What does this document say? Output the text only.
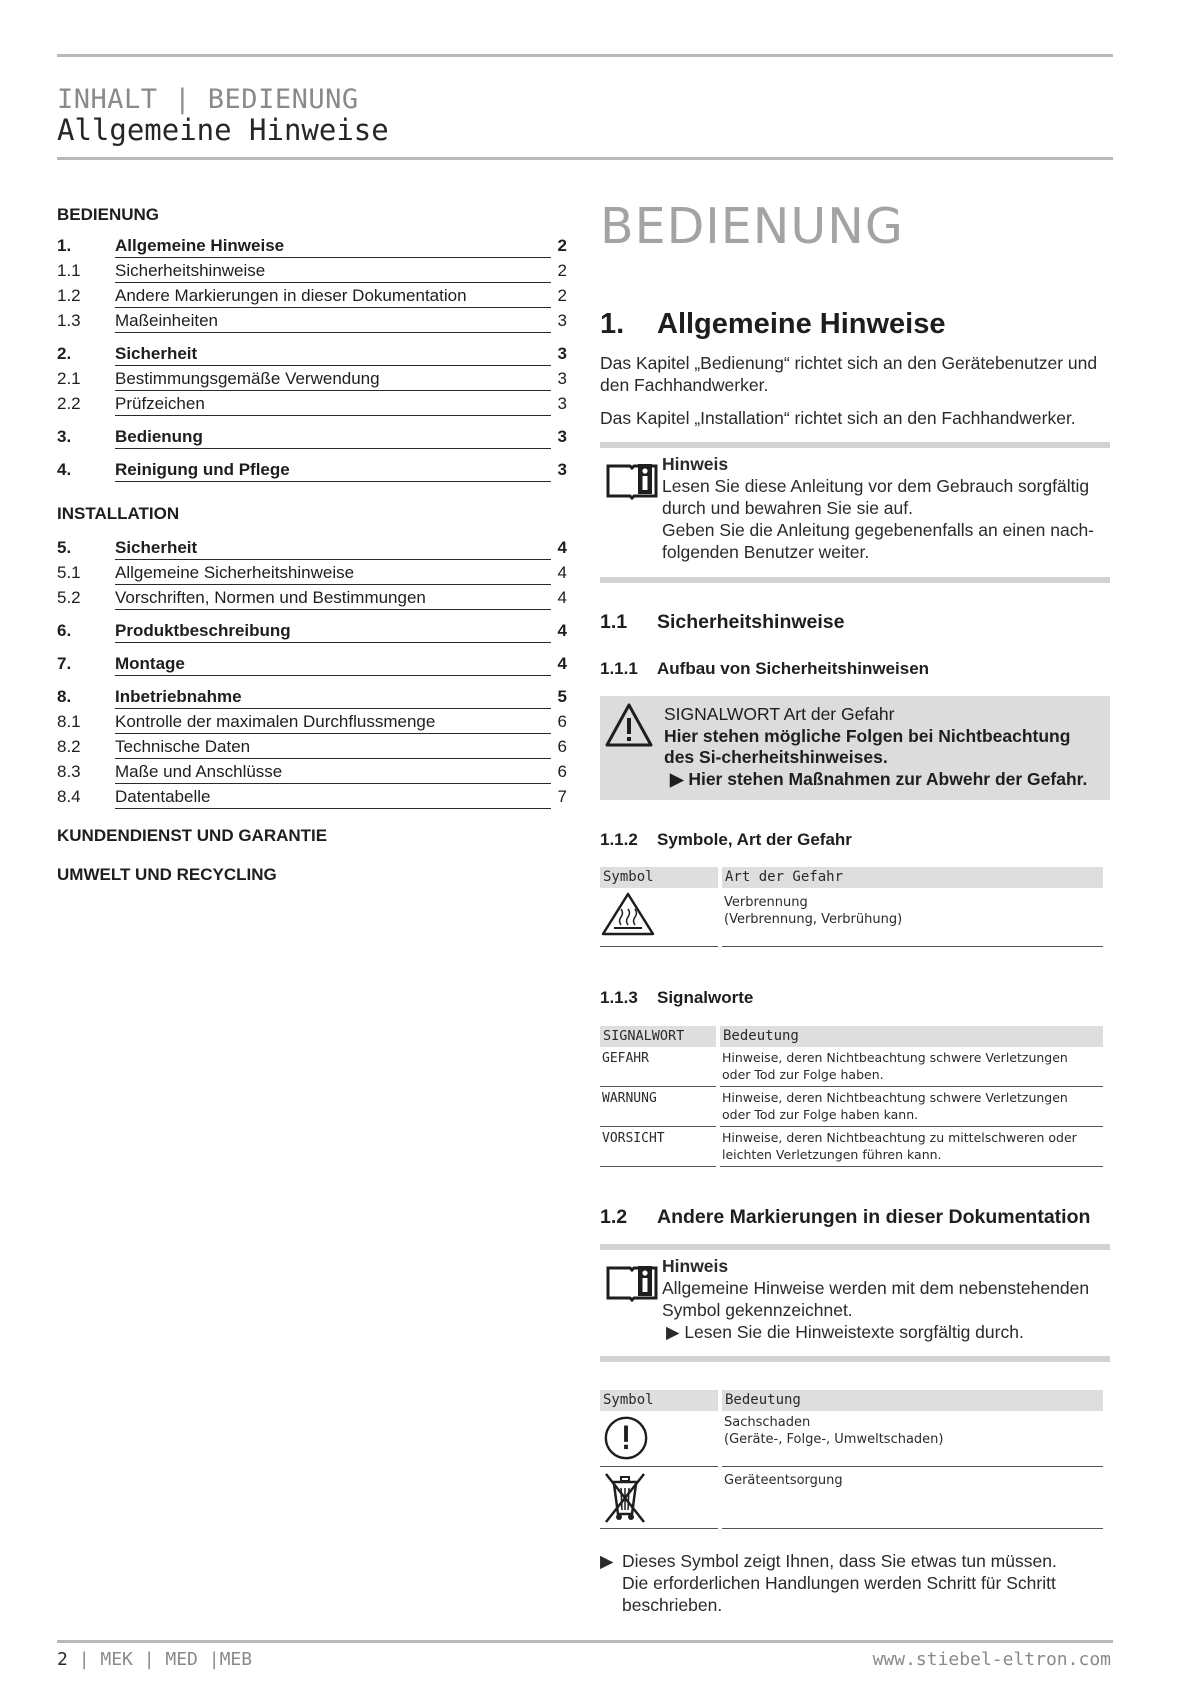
INHALT | BEDIENUNG
Allgemeine Hinweise
BEDIENUNG
1.	Allgemeine Hinweise	2
1.1 Sicherheitshinweise	2
1.2 Andere Markierungen in dieser Dokumentation	2
1.3 Maßeinheiten	3
2.	Sicherheit	3
2.1 Bestimmungsgemäße Verwendung	3
2.2 Prüfzeichen	3
3.	Bedienung	3
4.	Reinigung und Pflege	3
5.	Sicherheit	4
5.1 Allgemeine Sicherheitshinweise	4
5.2 Vorschriften, Normen und Bestimmungen	4
6.	Produktbeschreibung	4
7.	Montage	4
8.	Inbetriebnahme	5
8.1 Kontrolle der maximalen Durchflussmenge	6
8.2 Technische Daten	6
8.3 Maße und Anschlüsse	6
8.4 Datentabelle	7
INSTALLATION
KUNDENDIENST UND GARANTIE
UMWELT UND RECYCLING
BEDIENUNG
1. Allgemeine Hinweise
Das Kapitel „Bedienung“ richtet sich an den Gerätebenutzer und den Fachhandwerker.
Das Kapitel „Installation“ richtet sich an den Fachhandwerker.
Hinweis
Lesen Sie diese Anleitung vor dem Gebrauch sorgfältig durch und bewahren Sie sie auf.
Geben Sie die Anleitung gegebenenfalls an einen nach-folgenden Benutzer weiter.
1.1 Sicherheitshinweise
1.1.1 Aufbau von Sicherheitshinweisen
SIGNALWORT Art der Gefahr
Hier stehen mögliche Folgen bei Nichtbeachtung des Si-cherheitshinweises.
▶ Hier stehen Maßnahmen zur Abwehr der Gefahr.
1.1.2 Symbole, Art der Gefahr
Symbol	Art der Gefahr
Verbrennung
(Verbrennung, Verbrühung)
1.1.3 Signalworte
SIGNALWORT	Bedeutung
GEFAHR	Hinweise, deren Nichtbeachtung schwere Verletzungen
oder Tod zur Folge haben.
WARNUNG	Hinweise, deren Nichtbeachtung schwere Verletzungen
oder Tod zur Folge haben kann.
VORSICHT	Hinweise, deren Nichtbeachtung zu mittelschweren oder
leichten Verletzungen führen kann.
1.2 Andere Markierungen in dieser Dokumentation
Hinweis
Allgemeine Hinweise werden mit dem nebenstehenden Symbol gekennzeichnet.
▶ Lesen Sie die Hinweistexte sorgfältig durch.
Symbol	Bedeutung
Sachschaden
(Geräte-, Folge-, Umweltschaden)
Geräteentsorgung
▶ Dieses Symbol zeigt Ihnen, dass Sie etwas tun müssen.
Die erforderlichen Handlungen werden Schritt für Schritt beschrieben.
2 | MEK | MED |MEB	www.stiebel-eltron.com
